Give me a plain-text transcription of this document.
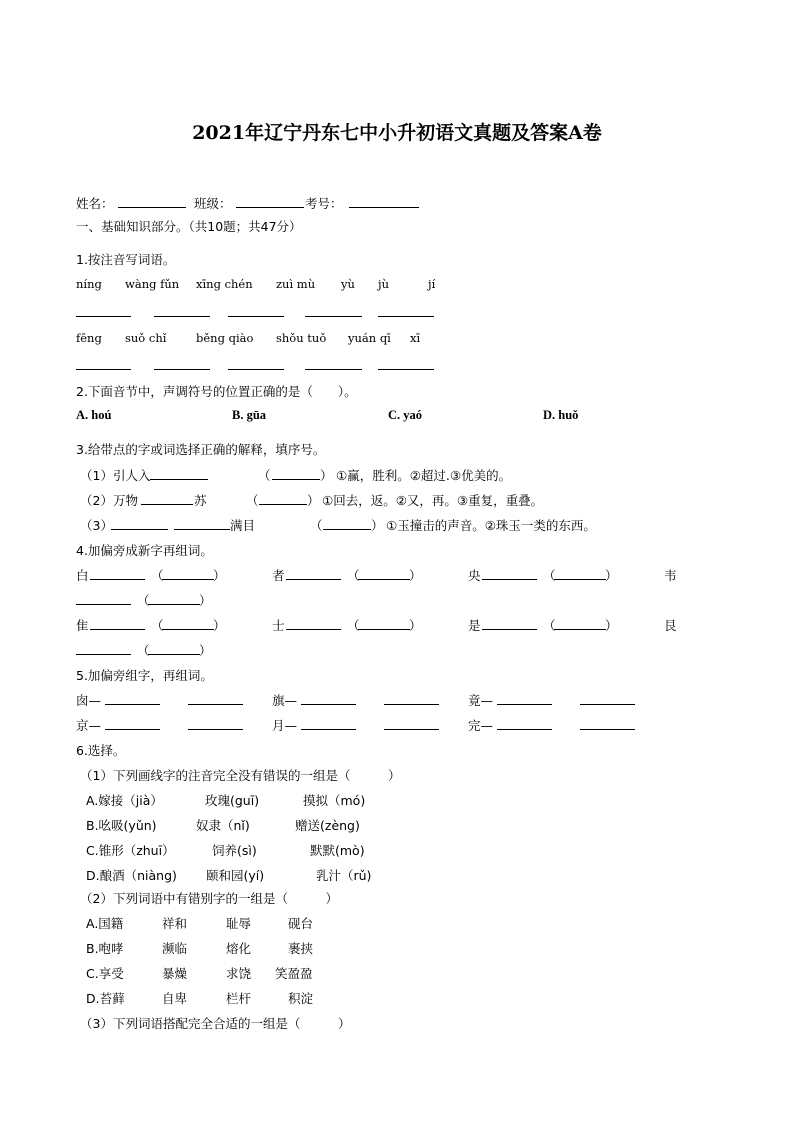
2021年辽宁丹东七中小升初语文真题及答案A卷
姓名：	班级：	考号：
一、基础知识部分。（共10题；共47分）
1.按注音写词语。
níng wàng fǔn xīng chén zuì mù yù jù	jí
fēng suǒ chǐ	běng qiào shǒu tuǒ yuán qī xī
2.下面音节中，声调符号的位置正确的是（　　）。
A. hoú	B. gūa	C. yaó	D. huǒ
3.给带点的字或词选择正确的解释，填序号。
（1）引人入	（	） ①赢，胜利。②超过.③优美的。
（2）万物	苏	（	） ①回去，返。②又，再。③重复，重叠。
（3）	满目	（	） ①玉撞击的声音。②珠玉一类的东西。
4.加偏旁成新字再组词。
白	（	）	者	（	）	央	（	）	韦
（	）
隹	（	）	士	（	）	是	（	）	艮
（	）
5.加偏旁组字，再组词。
囱—	旗—	竟—
京—	月—	完—
6.选择。
（1）下列画线字的注音完全没有错误的一组是（　　　）
A.嫁接（jià）	玫瑰(guī)	摸拟（mó)
B.吆吸(yǔn)	奴隶（nǐ)	赠送(zèng)
C.锥形（zhuī）	饲养(sì)	默默(mò)
D.酿酒（niàng) 颐和园(yí)	乳汁（rǔ)
（2）下列词语中有错别字的一组是（　　　）
A.国籍	祥和	耻辱	砚台
B.咆哮	濒临	熔化	裹挟
C.享受	暴燥	求饶 笑盈盈
D.苔藓	自卑	栏杆	积淀
（3）下列词语搭配完全合适的一组是（　　　）
